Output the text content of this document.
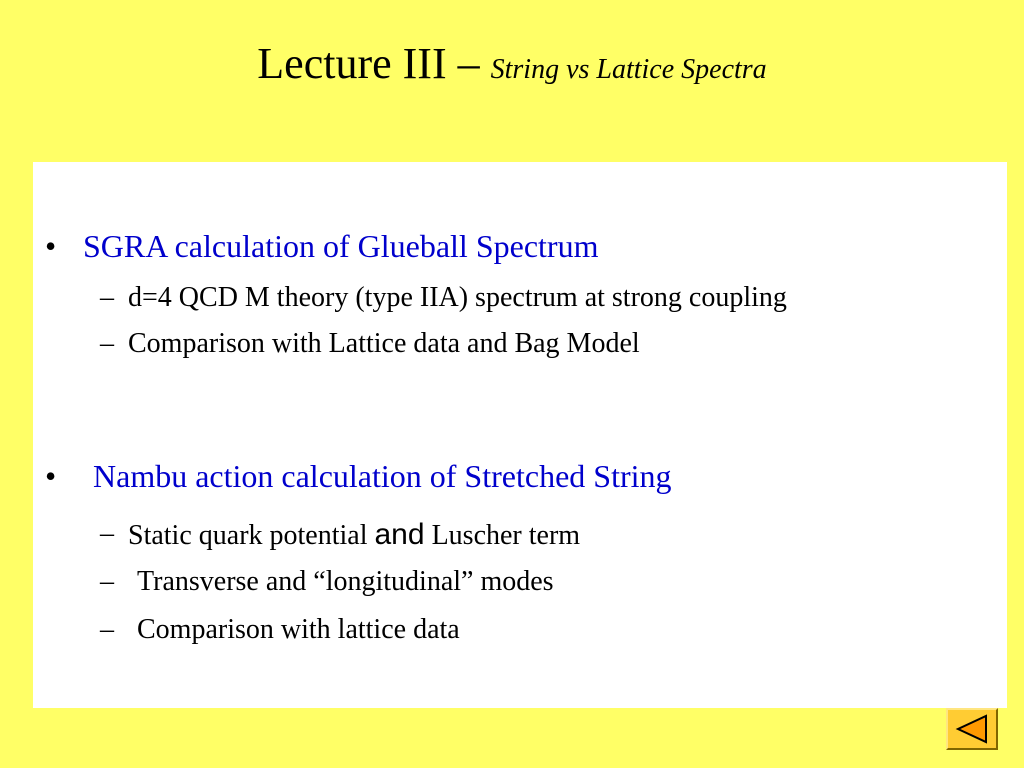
Lecture III – String vs Lattice Spectra
• SGRA calculation of Glueball Spectrum
– d=4 QCD M theory (type IIA) spectrum at strong coupling
– Comparison with Lattice data and Bag Model
• Nambu action calculation of Stretched String
– Static quark potential and Luscher term
– Transverse and “longitudinal” modes
– Comparison with lattice data
